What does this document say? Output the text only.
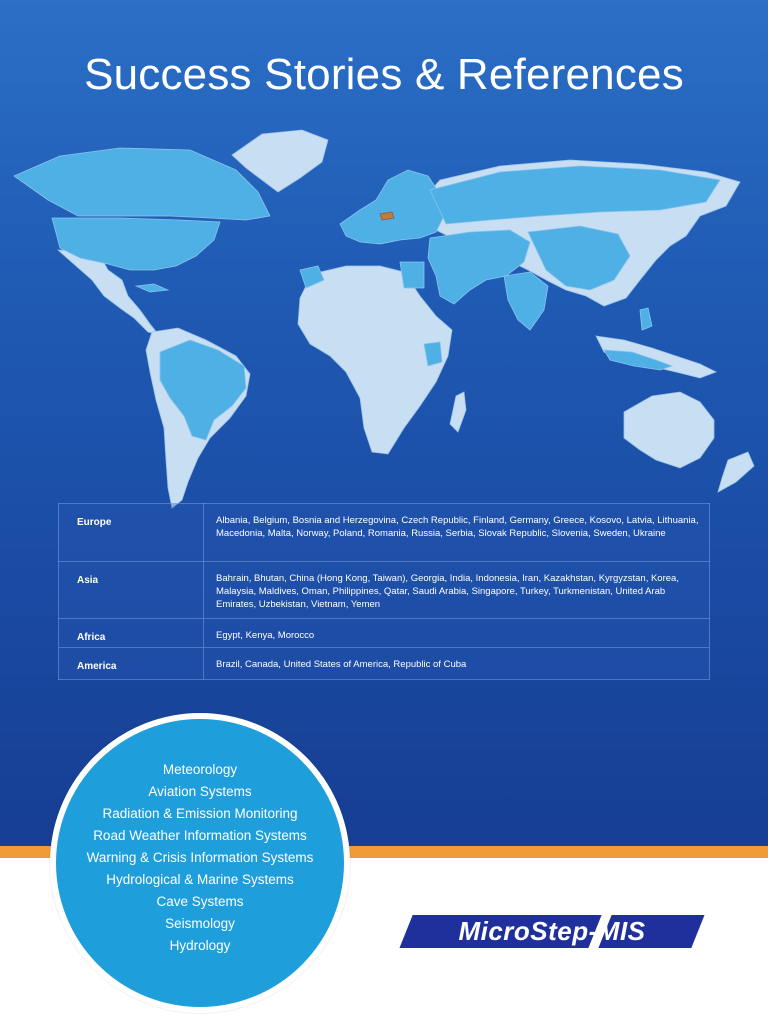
Success Stories & References
Europe	Albania, Belgium, Bosnia and Herzegovina, Czech Republic, Finland, Germany, Greece, Kosovo, Latvia, Lithuania, Macedonia, Malta, Norway, Poland, Romania, Russia, Serbia, Slovak Republic, Slovenia, Sweden, Ukraine
Asia	Bahrain, Bhutan, China (Hong Kong, Taiwan), Georgia, India, Indonesia, Iran, Kazakhstan, Kyrgyzstan, Korea, Malaysia, Maldives, Oman, Philippines, Qatar, Saudi Arabia, Singapore, Turkey, Turkmenistan, United Arab Emirates, Uzbekistan, Vietnam, Yemen
Africa	Egypt, Kenya, Morocco
America	Brazil, Canada, United States of America, Republic of Cuba
Meteorology
Aviation Systems
Radiation & Emission Monitoring
Road Weather Information Systems
Warning & Crisis Information Systems
Hydrological & Marine Systems
Cave Systems
Seismology
Hydrology	MicroStep-MIS
